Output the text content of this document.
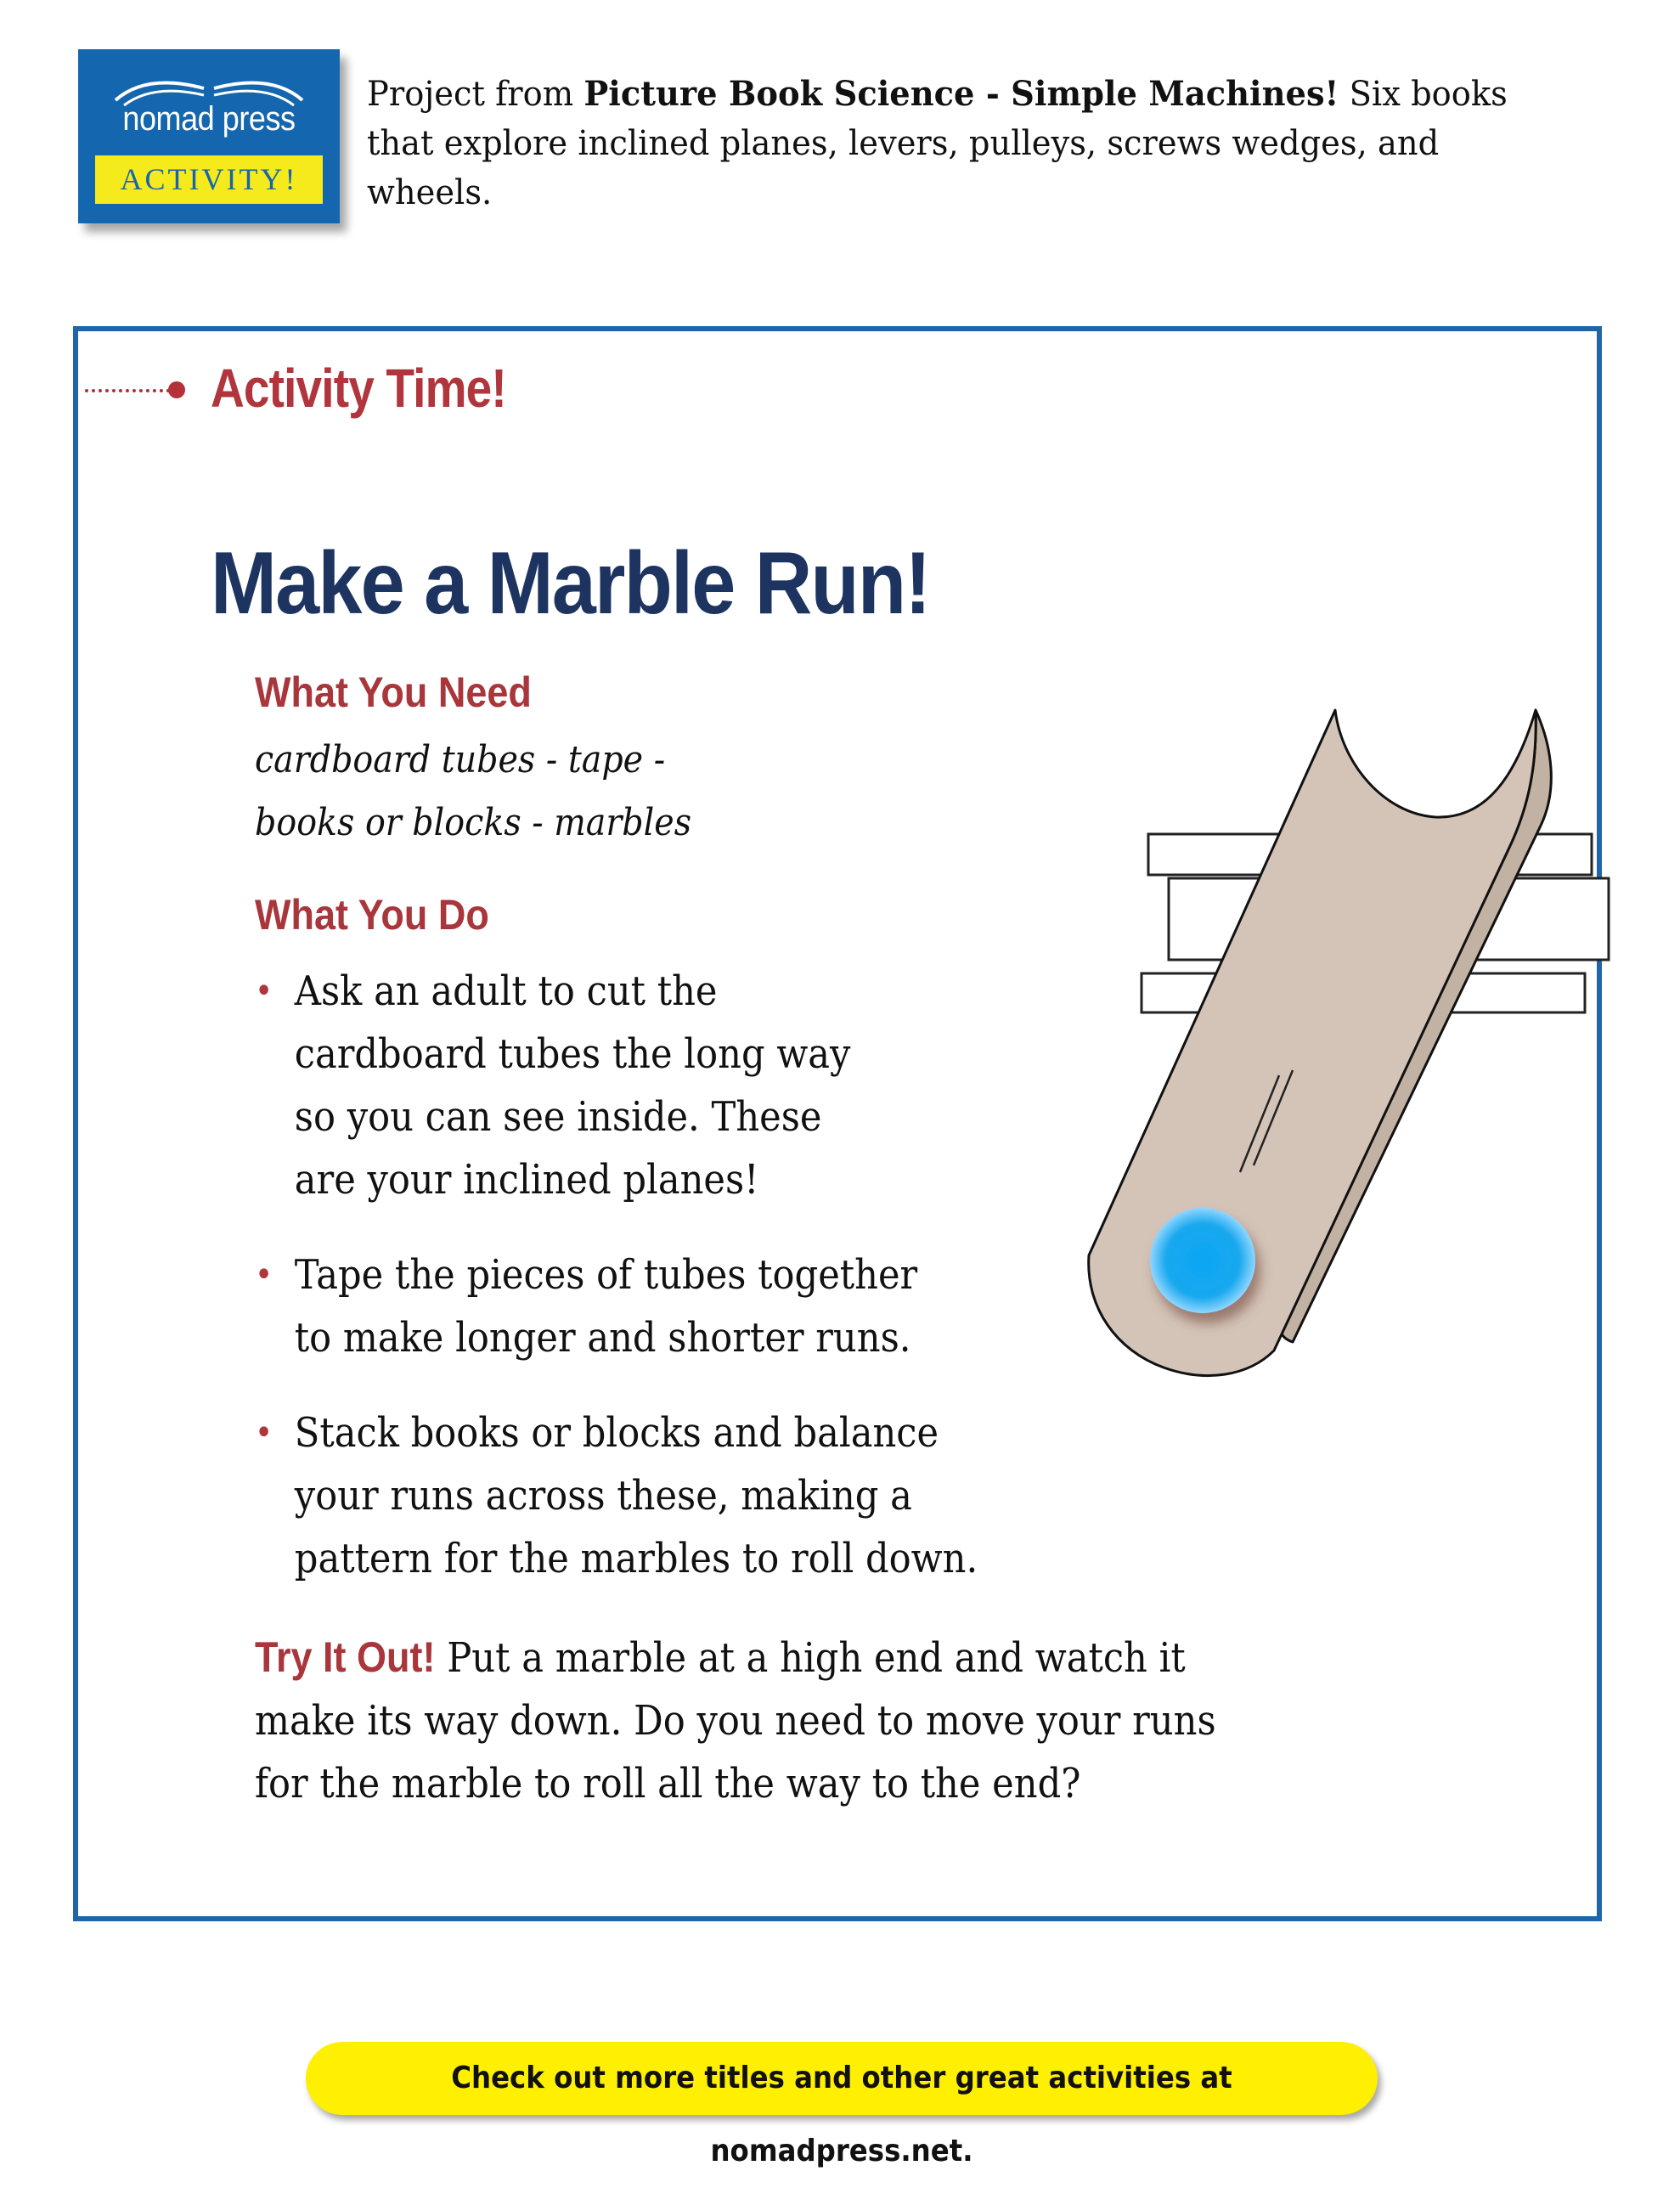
nomad press
ACTIVITY!
Project from Picture Book Science - Simple Machines! Six books that explore inclined planes, levers, pulleys, screws wedges, and wheels.
Activity Time!
Make a Marble Run!
What You Need
cardboard tubes - tape -
books or blocks - marbles
What You Do
• Ask an adult to cut the cardboard tubes the long way so you can see inside. These are your inclined planes!
• Tape the pieces of tubes together to make longer and shorter runs.
• Stack books or blocks and balance your runs across these, making a pattern for the marbles to roll down.
Try It Out! Put a marble at a high end and watch it make its way down. Do you need to move your runs for the marble to roll all the way to the end?
Check out more titles and other great activities at nomadpress.net.
